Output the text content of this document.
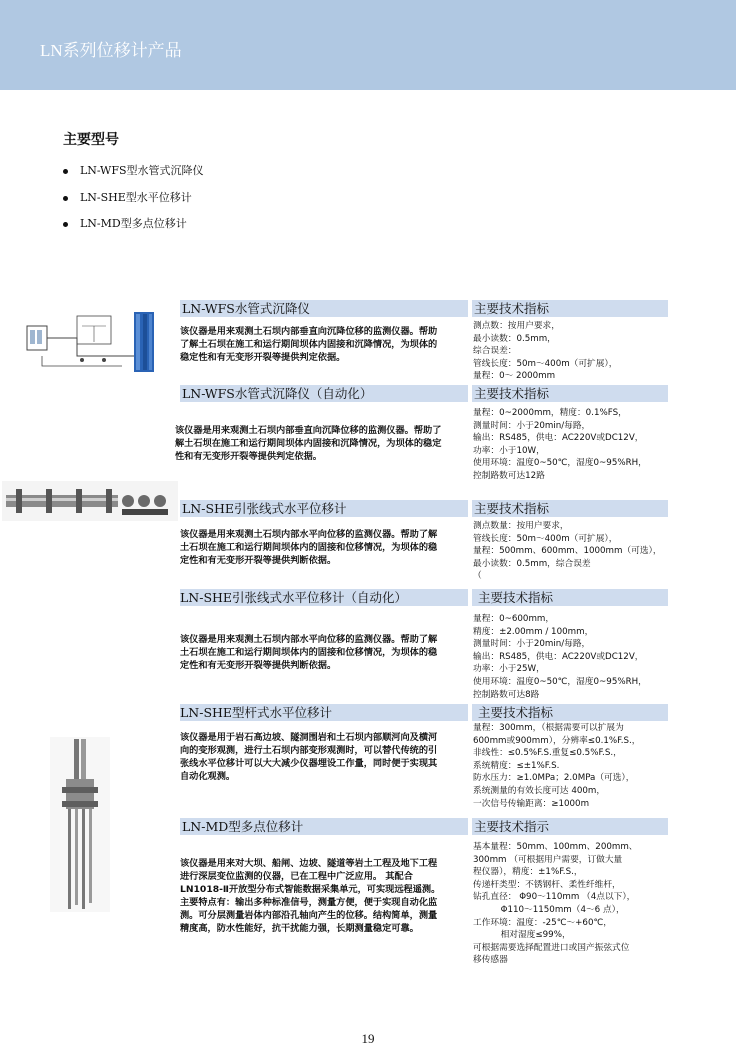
LN系列位移计产品
主要型号
LN-WFS型水管式沉降仪
LN-SHE型水平位移计
LN-MD型多点位移计
LN-WFS水管式沉降仪	主要技术指标
该仪器是用来观测土石坝内部垂直向沉降位移的监测仪器。帮助了解土石坝在施工和运行期间坝体内固接和沉降情况，为坝体的稳定性和有无变形开裂等提供判定依据。
测点数：按用户要求，
最小读数：0.5mm，
综合误差：
管线长度：50m～400m（可扩展），
量程：0～ 2000mm
LN-WFS水管式沉降仪（自动化）	主要技术指标
该仪器是用来观测土石坝内部垂直向沉降位移的监测仪器。帮助了解土石坝在施工和运行期间坝体内固接和沉降情况，为坝体的稳定性和有无变形开裂等提供判定依据。
量程：0~2000mm，精度：0.1%FS，
测量时间：小于20min/每路，
输出：RS485，供电：AC220V或DC12V，
功率：小于10W，
使用环境：温度0~50℃，湿度0~95%RH，
控制路数可达12路
LN-SHE引张线式水平位移计	主要技术指标
该仪器是用来观测土石坝内部水平向位移的监测仪器。帮助了解土石坝在施工和运行期间坝体内的固接和位移情况，为坝体的稳定性和有无变形开裂等提供判断依据。
测点数量：按用户要求，
管线长度：50m～400m（可扩展），
量程：500mm、600mm、1000mm（可选），
最小读数：0.5mm，综合误差
（
LN-SHE引张线式水平位移计（自动化）	主要技术指标
该仪器是用来观测土石坝内部水平向位移的监测仪器。帮助了解土石坝在施工和运行期间坝体内的固接和位移情况，为坝体的稳定性和有无变形开裂等提供判断依据。
量程：0~600mm，
精度：±2.00mm / 100mm，
测量时间：小于20min/每路，
输出：RS485，供电：AC220V或DC12V，
功率：小于25W，
使用环境：温度0~50℃，湿度0~95%RH，
控制路数可达8路
LN-SHE型杆式水平位移计	主要技术指标
该仪器是用于岩石高边坡、隧洞围岩和土石坝内部顺河向及横河向的变形观测，进行土石坝内部变形观测时，可以替代传统的引张线水平位移计可以大大减少仪器埋设工作量，同时便于实现其自动化观测。
量程：300mm，（根据需要可以扩展为
600mm或900mm），分辨率≤0.1%F.S.，
非线性：≤0.5%F.S.重复≤0.5%F.S.，
系统精度：≤±1%F.S.
防水压力：≥1.0MPa；2.0MPa（可选），
系统测量的有效长度可达 400m，
一次信号传输距离：≥1000m
LN-MD型多点位移计	主要技术指示
该仪器是用来对大坝、船闸、边坡、隧道等岩土工程及地下工程进行深层变位监测的仪器，已在工程中广泛应用。 其配合LN1018-Ⅱ开放型分布式智能数据采集单元，可实现远程遥测。主要特点有：输出多种标准信号，测量方便，便于实现自动化监测。可分层测量岩体内部沿孔轴向产生的位移。结构简单，测量精度高，防水性能好，抗干扰能力强，长期测量稳定可靠。
基本量程：50mm、100mm、200mm、
300mm （可根据用户需要，订做大量
程仪器），精度：±1%F.S.，
传递杆类型：不锈钢杆、柔性纤维杆，
钻孔直径： Φ90～110mm （4点以下），
Φ110～1150mm（4～6 点），
工作环境：温度：-25℃～+60℃，
相对湿度≤99%，
可根据需要选择配置进口或国产振弦式位
移传感器
19
